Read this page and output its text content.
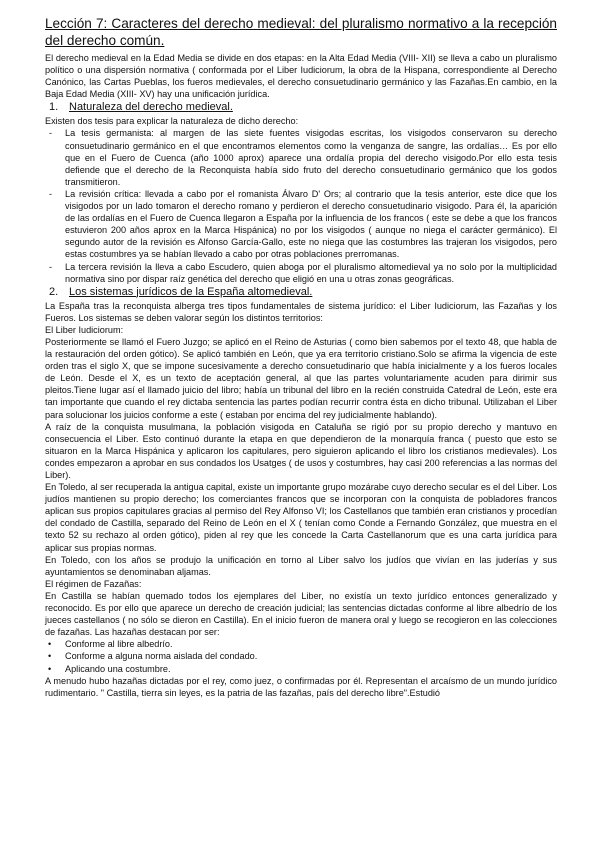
Lección 7: Caracteres del derecho medieval: del pluralismo normativo a la recepción del derecho común.

El derecho medieval en la Edad Media se divide en dos etapas: en la Alta Edad Media (VIII- XII) se lleva a cabo un pluralismo político o una dispersión normativa ( conformada por el Liber Iudiciorum, la obra de la Hispana, correspondiente al Derecho Canónico, las Cartas Pueblas, los fueros medievales, el derecho consuetudinario germánico y las Fazañas.En cambio, en la Baja Edad Media (XIII- XV) hay una unificación jurídica.

1. Naturaleza del derecho medieval.

Existen dos tesis para explicar la naturaleza de dicho derecho:

- La tesis germanista: al margen de las siete fuentes visigodas escritas, los visigodos conservaron su derecho consuetudinario germánico en el que encontramos elementos como la venganza de sangre, las ordalías… Es por ello que en el Fuero de Cuenca (año 1000 aprox) aparece una ordalía propia del derecho visigodo.Por ello esta tesis defiende que el derecho de la Reconquista había sido fruto del derecho consuetudinario germánico que los godos transmitieron.
- La revisión crítica: llevada a cabo por el romanista Álvaro D' Ors; al contrario que la tesis anterior, este dice que los visigodos por un lado tomaron el derecho romano y perdieron el derecho consuetudinario visigodo. Para él, la aparición de las ordalías en el Fuero de Cuenca llegaron a España por la influencia de los francos ( este se debe a que los francos estuvieron 200 años aprox en la Marca Hispánica) no por los visigodos ( aunque no niega el carácter germánico). El segundo autor de la revisión es Alfonso García-Gallo, este no niega que las costumbres las trajeran los visigodos, pero estas costumbres ya se habían llevado a cabo por otras poblaciones prerromanas.
- La tercera revisión la lleva a cabo Escudero, quien aboga por el pluralismo altomedieval ya no solo por la multiplicidad normativa sino por dispar raíz genética del derecho que eligió en una u otras zonas geográficas.
2. Los sistemas jurídicos de la España altomedieval.

La España tras la reconquista alberga tres tipos fundamentales de sistema jurídico: el Liber Iudiciorum, las Fazañas y los Fueros. Los sistemas se deben valorar según los distintos territorios:

El Liber Iudiciorum:

Posteriormente se llamó el Fuero Juzgo; se aplicó en el Reino de Asturias ( como bien sabemos por el texto 48, que habla de la restauración del orden gótico). Se aplicó también en León, que ya era territorio cristiano.Solo se afirma la vigencia de este orden tras el siglo X, que se impone sucesivamente a derecho consuetudinario que había inicialmente y a los fueros locales de León. Desde el X, es un texto de aceptación general, al que las partes voluntariamente acuden para dirimir sus pleitos.Tiene lugar así el llamado juicio del libro; había un tribunal del libro en la recién construida Catedral de León, este era tan importante que cuando el rey dictaba sentencia las partes podían recurrir contra ésta en dicho tribunal. Utilizaban el Liber para solucionar los juicios conforme a este ( estaban por encima del rey judicialmente hablando).

A raíz de la conquista musulmana, la población visigoda en Cataluña se rigió por su propio derecho y mantuvo en consecuencia el Liber. Esto continuó durante la etapa en que dependieron de la monarquía franca ( puesto que esto se situaron en la Marca Hispánica y aplicaron los capitulares, pero siguieron aplicando el libro los cristianos medievales). Los condes empezaron a aprobar en sus condados los Usatges ( de usos y costumbres, hay casi 200 referencias a las normas del Liber).

En Toledo, al ser recuperada la antigua capital, existe un importante grupo mozárabe cuyo derecho secular es el del Liber. Los judíos mantienen su propio derecho; los comerciantes francos que se incorporan con la conquista de pobladores francos aplican sus propios capitulares gracias al permiso del Rey Alfonso VI; los Castellanos que también eran cristianos y procedían del condado de Castilla, separado del Reino de León en el X ( tenían como Conde a Fernando González, que muestra en el texto 52 su rechazo al orden gótico), piden al rey que les concede la Carta Castellanorum que es una carta jurídica para aplicar sus propias normas.

En Toledo, con los años se produjo la unificación en torno al Liber salvo los judíos que vivían en las juderías y sus ayuntamientos se denominaban aljamas.

El régimen de Fazañas:

En Castilla se habían quemado todos los ejemplares del Liber, no existía un texto jurídico entonces generalizado y reconocido. Es por ello que aparece un derecho de creación judicial; las sentencias dictadas conforme al libre albedrío de los jueces castellanos ( no sólo se dieron en Castilla). En el inicio fueron de manera oral y luego se recogieron en las colecciones de fazañas. Las hazañas destacan por ser:

• Conforme al libre albedrío.
• Conforme a alguna norma aislada del condado.
• Aplicando una costumbre.

A menudo hubo hazañas dictadas por el rey, como juez, o confirmadas por él. Representan el arcaísmo de un mundo jurídico rudimentario. " Castilla, tierra sin leyes, es la patria de las fazañas, país del derecho libre".Estudió
